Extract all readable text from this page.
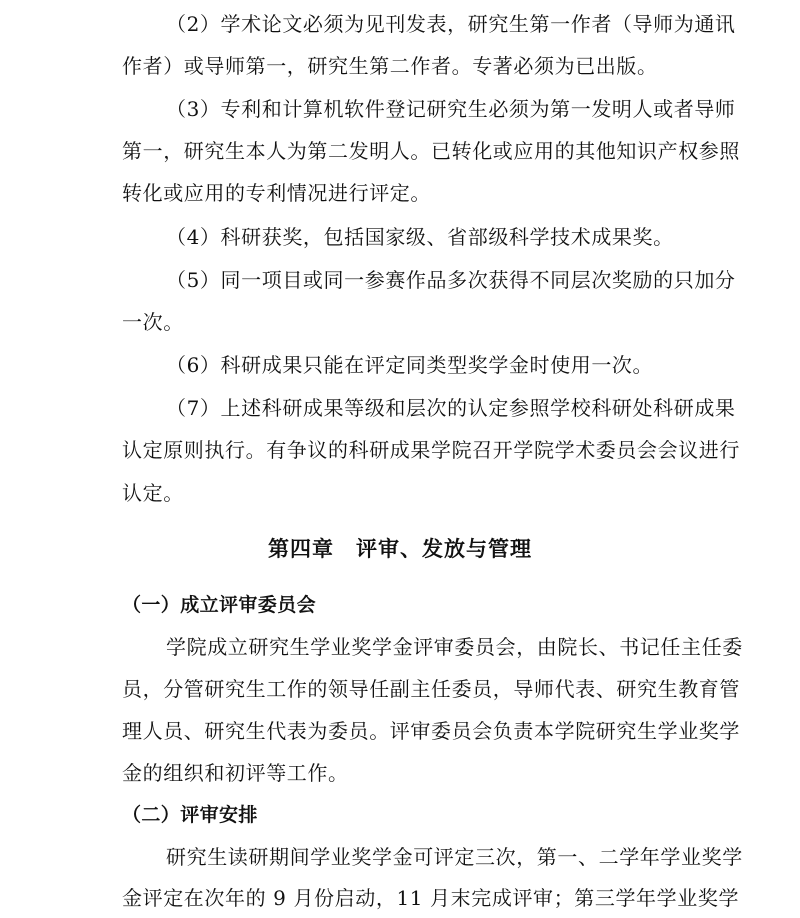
（2）学术论文必须为见刊发表，研究生第一作者（导师为通讯
作者）或导师第一，研究生第二作者。专著必须为已出版。
（3）专利和计算机软件登记研究生必须为第一发明人或者导师
第一，研究生本人为第二发明人。已转化或应用的其他知识产权参照
转化或应用的专利情况进行评定。
（4）科研获奖，包括国家级、省部级科学技术成果奖。
（5）同一项目或同一参赛作品多次获得不同层次奖励的只加分
一次。
（6）科研成果只能在评定同类型奖学金时使用一次。
（7）上述科研成果等级和层次的认定参照学校科研处科研成果
认定原则执行。有争议的科研成果学院召开学院学术委员会会议进行
认定。
第四章　评审、发放与管理
（一）成立评审委员会
学院成立研究生学业奖学金评审委员会，由院长、书记任主任委
员，分管研究生工作的领导任副主任委员，导师代表、研究生教育管
理人员、研究生代表为委员。评审委员会负责本学院研究生学业奖学
金的组织和初评等工作。
（二）评审安排
研究生读研期间学业奖学金可评定三次，第一、二学年学业奖学
金评定在次年的 9 月份启动，11 月末完成评审；第三学年学业奖学
